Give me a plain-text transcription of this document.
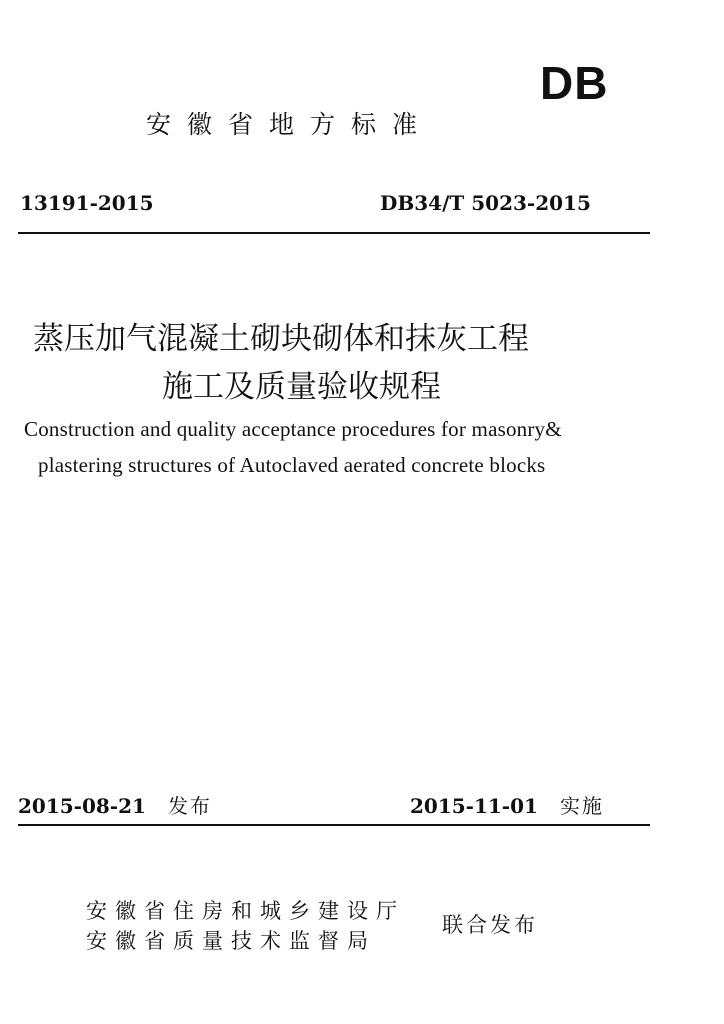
DB
安徽省地方标准
13191-2015	DB34/T 5023-2015
蒸压加气混凝土砌块砌体和抹灰工程
施工及质量验收规程
Construction and quality acceptance procedures for masonry&
plastering structures of Autoclaved aerated concrete blocks
2015-08-21 发布	2015-11-01 实施
安徽省住房和城乡建设厅
安徽省质量技术监督局
联合发布
